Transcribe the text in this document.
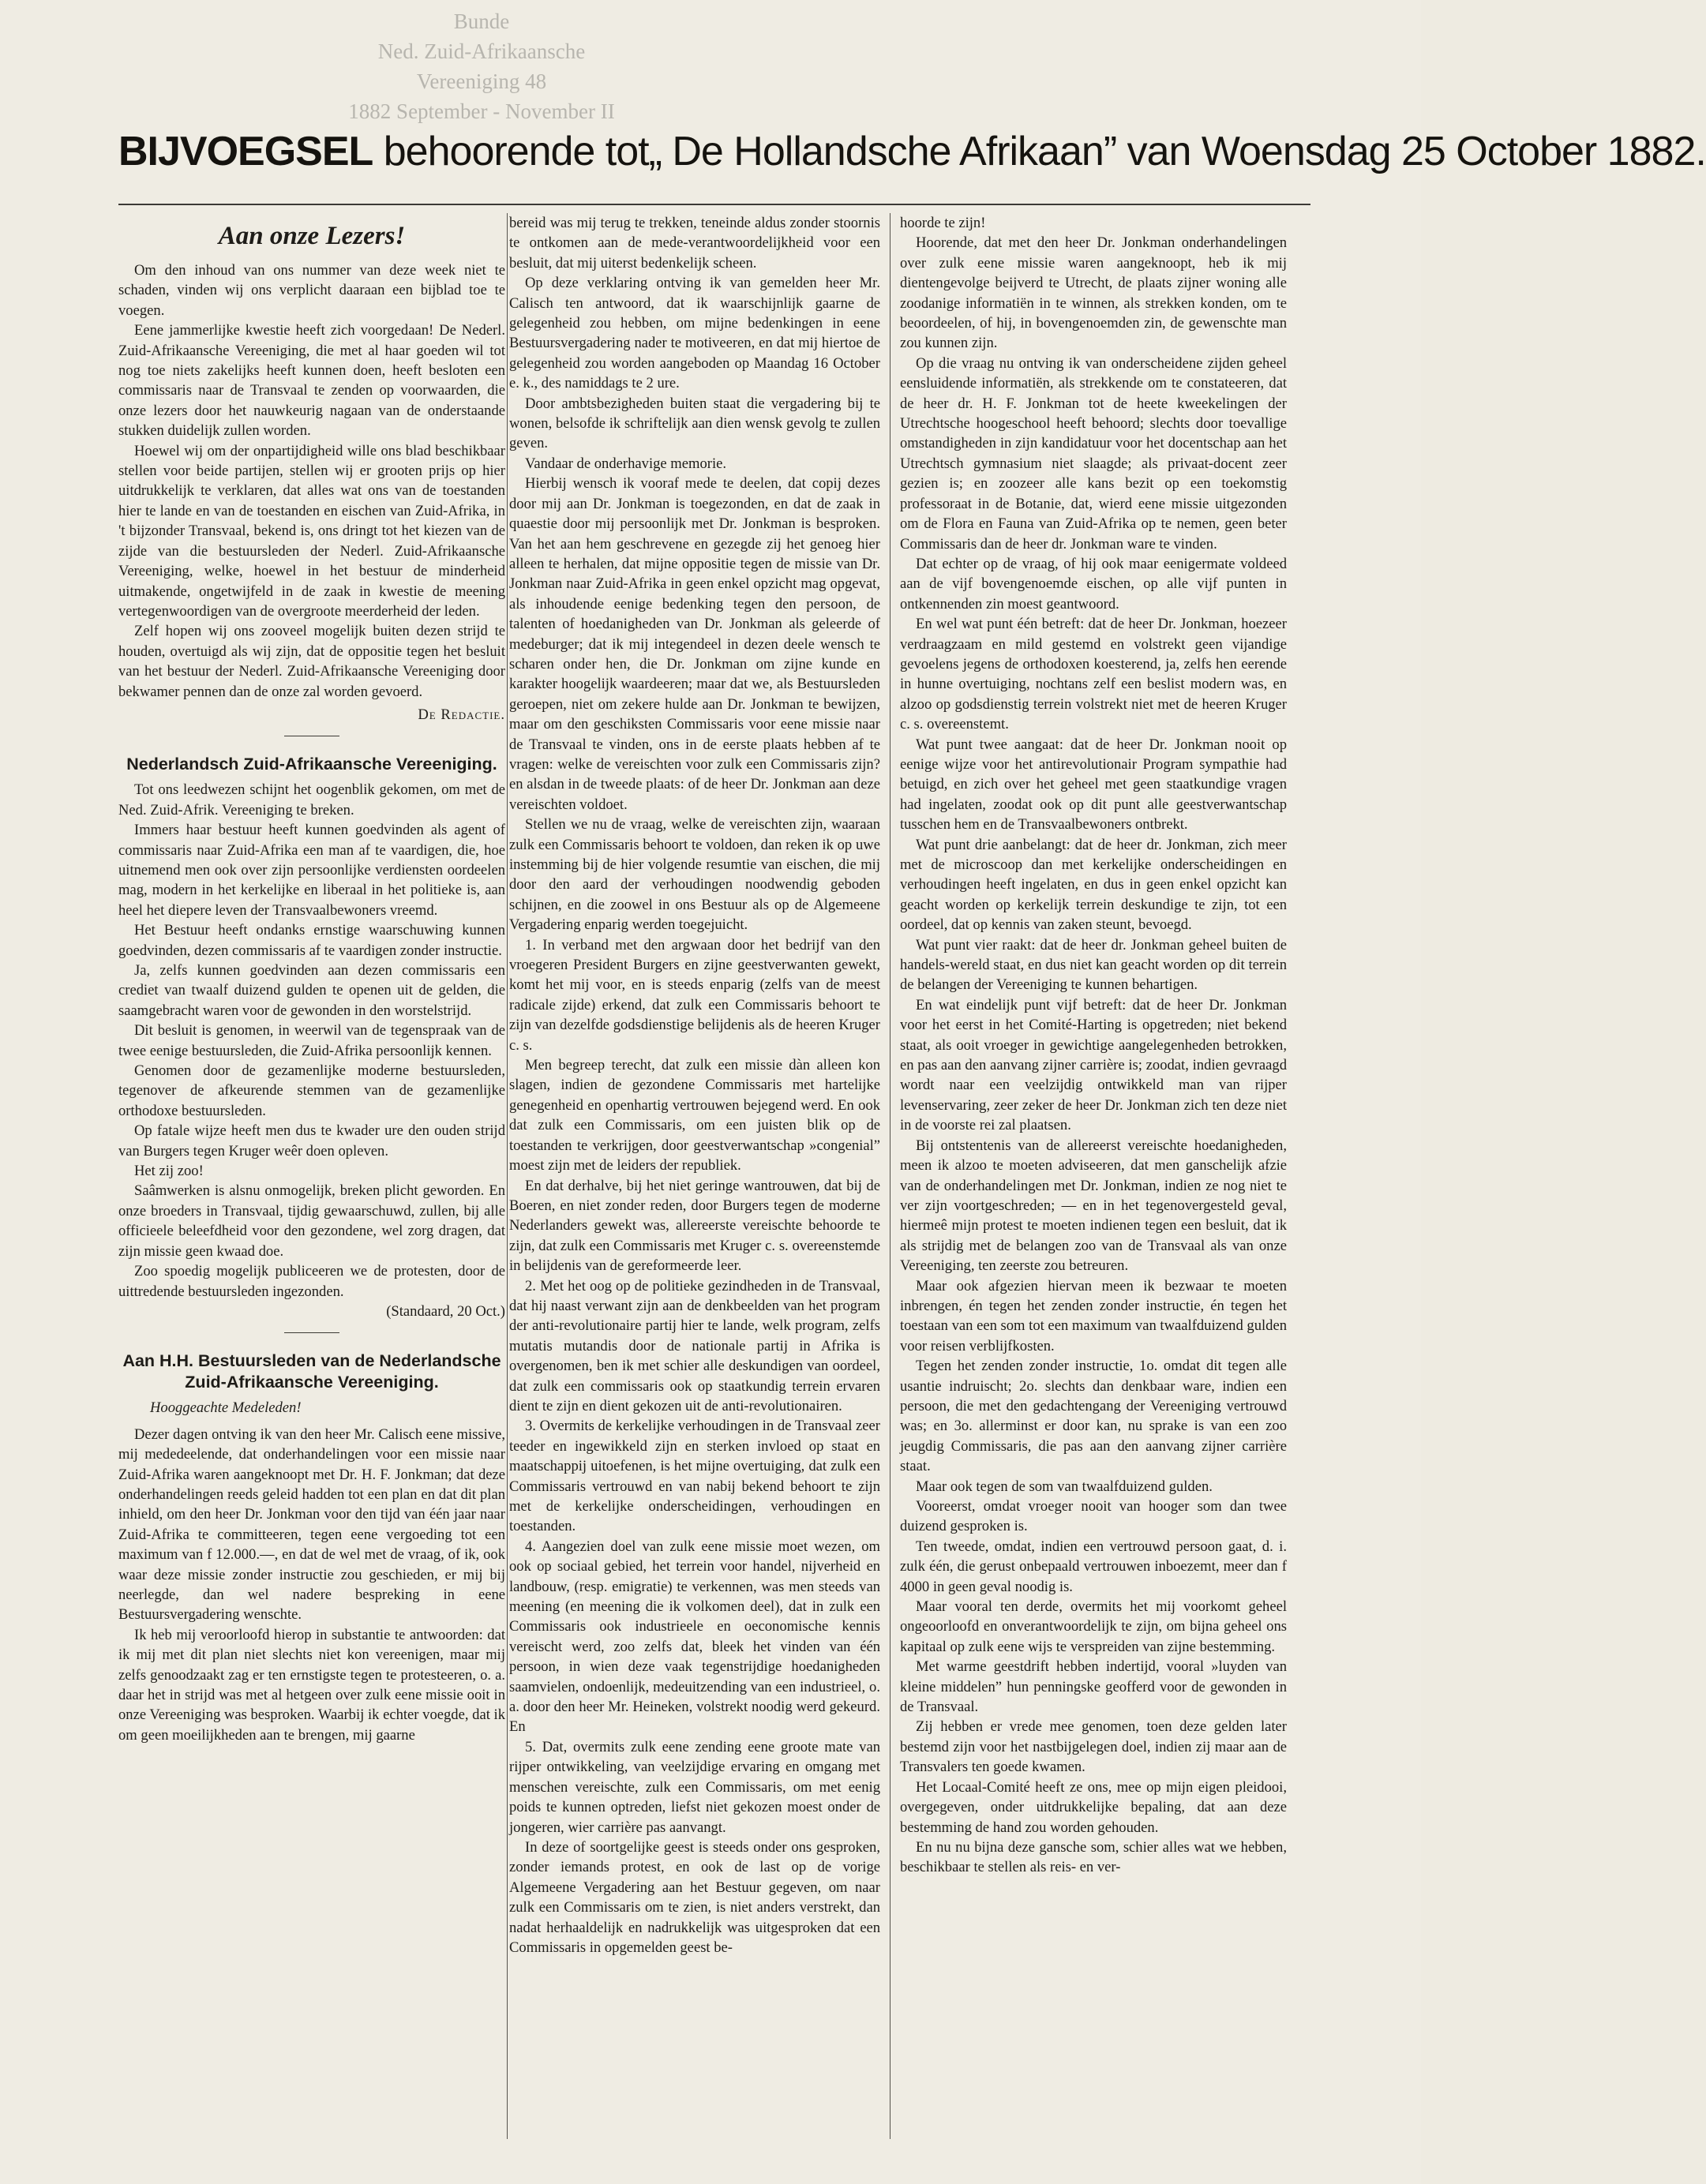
Bunde
Ned. Zuid-Afrikaansche
Vereeniging 48
1882 September - November II
BIJVOEGSEL behoorende tot„ De Hollandsche Afrikaan” van Woensdag 25 October 1882.
Aan onze Lezers!

Om den inhoud van ons nummer van deze week niet te schaden, vinden wij ons verplicht daaraan een bijblad toe te voegen.

Eene jammerlijke kwestie heeft zich voorgedaan! De Nederl. Zuid-Afrikaansche Vereeniging, die met al haar goeden wil tot nog toe niets zakelijks heeft kunnen doen, heeft besloten een commissaris naar de Transvaal te zenden op voorwaarden, die onze lezers door het nauwkeurig nagaan van de onderstaande stukken duidelijk zullen worden.

Hoewel wij om der onpartijdigheid wille ons blad beschikbaar stellen voor beide partijen, stellen wij er grooten prijs op hier uitdrukkelijk te verklaren, dat alles wat ons van de toestanden hier te lande en van de toestanden en eischen van Zuid-Afrika, in 't bijzonder Transvaal, bekend is, ons dringt tot het kiezen van de zijde van die bestuursleden der Nederl. Zuid-Afrikaansche Vereeniging, welke, hoewel in het bestuur de minderheid uitmakende, ongetwijfeld in de zaak in kwestie de meening vertegenwoordigen van de overgroote meerderheid der leden.

Zelf hopen wij ons zooveel mogelijk buiten dezen strijd te houden, overtuigd als wij zijn, dat de oppositie tegen het besluit van het bestuur der Nederl. Zuid-Afrikaansche Vereeniging door bekwamer pennen dan de onze zal worden gevoerd.

De Redactie.
Nederlandsch Zuid-Afrikaansche Vereeniging.

Tot ons leedwezen schijnt het oogenblik gekomen, om met de Ned. Zuid-Afrik. Vereeniging te breken.

Immers haar bestuur heeft kunnen goedvinden als agent of commissaris naar Zuid-Afrika een man af te vaardigen, die, hoe uitnemend men ook over zijn persoonlijke verdiensten oordeelen mag, modern in het kerkelijke en liberaal in het politieke is, aan heel het diepere leven der Transvaalbewoners vreemd.

Het Bestuur heeft ondanks ernstige waarschuwing kunnen goedvinden, dezen commissaris af te vaardigen zonder instructie.

Ja, zelfs kunnen goedvinden aan dezen commissaris een crediet van twaalf duizend gulden te openen uit de gelden, die saamgebracht waren voor de gewonden in den worstelstrijd.

Dit besluit is genomen, in weerwil van de tegenspraak van de twee eenige bestuursleden, die Zuid-Afrika persoonlijk kennen.

Genomen door de gezamenlijke moderne bestuursleden, tegenover de afkeurende stemmen van de gezamenlijke orthodoxe bestuursleden.

Op fatale wijze heeft men dus te kwader ure den ouden strijd van Burgers tegen Kruger weêr doen opleven.

Het zij zoo!

Saâmwerken is alsnu onmogelijk, breken plicht geworden. En onze broeders in Transvaal, tijdig gewaarschuwd, zullen, bij alle officieele beleefdheid voor den gezondene, wel zorg dragen, dat zijn missie geen kwaad doe.

Zoo spoedig mogelijk publiceeren we de protesten, door de uittredende bestuursleden ingezonden.

(Standaard, 20 Oct.)
Aan H.H. Bestuursleden van de Nederlandsche Zuid-Afrikaansche Vereeniging.
Hooggeachte Medeleden!

Dezer dagen ontving ik van den heer Mr. Calisch eene missive, mij mededeelende, dat onderhandelingen voor een missie naar Zuid-Afrika waren aangeknoopt met Dr. H. F. Jonkman; dat deze onderhandelingen reeds geleid hadden tot een plan en dat dit plan inhield, om den heer Dr. Jonkman voor den tijd van één jaar naar Zuid-Afrika te committeeren, tegen eene vergoeding tot een maximum van f 12.000.—, en dat de wel met de vraag, of ik, ook waar deze missie zonder instructie zou geschieden, er mij bij neerlegde, dan wel nadere bespreking in eene Bestuursvergadering wenschte.

Ik heb mij veroorloofd hierop in substantie te antwoorden: dat ik mij met dit plan niet slechts niet kon vereenigen, maar mij zelfs genoodzaakt zag er ten ernstigste tegen te protesteeren, o. a. daar het in strijd was met al hetgeen over zulk eene missie ooit in onze Vereeniging was besproken. Waarbij ik echter voegde, dat ik om geen moeilijkheden aan te brengen, mij gaarne

bereid was mij terug te trekken, teneinde aldus zonder stoornis te ontkomen aan de mede-verantwoordelijkheid voor een besluit, dat mij uiterst bedenkelijk scheen.

Op deze verklaring ontving ik van gemelden heer Mr. Calisch ten antwoord, dat ik waarschijnlijk gaarne de gelegenheid zou hebben, om mijne bedenkingen in eene Bestuursvergadering nader te motiveeren, en dat mij hiertoe de gelegenheid zou worden aangeboden op Maandag 16 October e. k., des namiddags te 2 ure.

Door ambtsbezigheden buiten staat die vergadering bij te wonen, belsofde ik schriftelijk aan dien wensk gevolg te zullen geven.

Vandaar de onderhavige memorie.

Hierbij wensch ik vooraf mede te deelen, dat copij dezes door mij aan Dr. Jonkman is toegezonden, en dat de zaak in quaestie door mij persoonlijk met Dr. Jonkman is besproken. Van het aan hem geschrevene en gezegde zij het genoeg hier alleen te herhalen, dat mijne oppositie tegen de missie van Dr. Jonkman naar Zuid-Afrika in geen enkel opzicht mag opgevat, als inhoudende eenige bedenking tegen den persoon, de talenten of hoedanigheden van Dr. Jonkman als geleerde of medeburger; dat ik mij integendeel in dezen deele wensch te scharen onder hen, die Dr. Jonkman om zijne kunde en karakter hoogelijk waardeeren; maar dat we, als Bestuursleden geroepen, niet om zekere hulde aan Dr. Jonkman te bewijzen, maar om den geschiksten Commissaris voor eene missie naar de Transvaal te vinden, ons in de eerste plaats hebben af te vragen: welke de vereischten voor zulk een Commissaris zijn? en alsdan in de tweede plaats: of de heer Dr. Jonkman aan deze vereischten voldoet.

Stellen we nu de vraag, welke de vereischten zijn, waaraan zulk een Commissaris behoort te voldoen, dan reken ik op uwe instemming bij de hier volgende resumtie van eischen, die mij door den aard der verhoudingen noodwendig geboden schijnen, en die zoowel in ons Bestuur als op de Algemeene Vergadering enparig werden toegejuicht.

1. In verband met den argwaan door het bedrijf van den vroegeren President Burgers en zijne geestverwanten gewekt, komt het mij voor, en is steeds enparig (zelfs van de meest radicale zijde) erkend, dat zulk een Commissaris behoort te zijn van dezelfde godsdienstige belijdenis als de heeren Kruger c. s.

Men begreep terecht, dat zulk een missie dàn alleen kon slagen, indien de gezondene Commissaris met hartelijke genegenheid en openhartig vertrouwen bejegend werd. En ook dat zulk een Commissaris, om een juisten blik op de toestanden te verkrijgen, door geestverwantschap »congenial” moest zijn met de leiders der republiek.

En dat derhalve, bij het niet geringe wantrouwen, dat bij de Boeren, en niet zonder reden, door Burgers tegen de moderne Nederlanders gewekt was, allereerste vereischte behoorde te zijn, dat zulk een Commissaris met Kruger c. s. overeenstemde in belijdenis van de gereformeerde leer.

2. Met het oog op de politieke gezindheden in de Transvaal, dat hij naast verwant zijn aan de denkbeelden van het program der anti-revolutionaire partij hier te lande, welk program, zelfs mutatis mutandis door de nationale partij in Afrika is overgenomen, ben ik met schier alle deskundigen van oordeel, dat zulk een commissaris ook op staatkundig terrein ervaren dient te zijn en dient gekozen uit de anti-revolutionairen.

3. Overmits de kerkelijke verhoudingen in de Transvaal zeer teeder en ingewikkeld zijn en sterken invloed op staat en maatschappij uitoefenen, is het mijne overtuiging, dat zulk een Commissaris vertrouwd en van nabij bekend behoort te zijn met de kerkelijke onderscheidingen, verhoudingen en toestanden.

4. Aangezien doel van zulk eene missie moet wezen, om ook op sociaal gebied, het terrein voor handel, nijverheid en landbouw, (resp. emigratie) te verkennen, was men steeds van meening (en meening die ik volkomen deel), dat in zulk een Commissaris ook industrieele en oeconomische kennis vereischt werd, zoo zelfs dat, bleek het vinden van één persoon, in wien deze vaak tegenstrijdige hoedanigheden saamvielen, ondoenlijk, medeuitzending van een industrieel, o. a. door den heer Mr. Heineken, volstrekt noodig werd gekeurd. En

5. Dat, overmits zulk eene zending eene groote mate van rijper ontwikkeling, van veelzijdige ervaring en omgang met menschen vereischte, zulk een Commissaris, om met eenig poids te kunnen optreden, liefst niet gekozen moest onder de jongeren, wier carrière pas aanvangt.

In deze of soortgelijke geest is steeds onder ons gesproken, zonder iemands protest, en ook de last op de vorige Algemeene Vergadering aan het Bestuur gegeven, om naar zulk een Commissaris om te zien, is niet anders verstrekt, dan nadat herhaaldelijk en nadrukkelijk was uitgesproken dat een Commissaris in opgemelden geest be-

hoorde te zijn!

Hoorende, dat met den heer Dr. Jonkman onderhandelingen over zulk eene missie waren aangeknoopt, heb ik mij dientengevolge beijverd te Utrecht, de plaats zijner woning alle zoodanige informatiën in te winnen, als strekken konden, om te beoordeelen, of hij, in bovengenoemden zin, de gewenschte man zou kunnen zijn.

Op die vraag nu ontving ik van onderscheidene zijden geheel eensluidende informatiën, als strekkende om te constateeren, dat de heer dr. H. F. Jonkman tot de heete kweekelingen der Utrechtsche hoogeschool heeft behoord; slechts door toevallige omstandigheden in zijn kandidatuur voor het docentschap aan het Utrechtsch gymnasium niet slaagde; als privaat-docent zeer gezien is; en zoozeer alle kans bezit op een toekomstig professoraat in de Botanie, dat, wierd eene missie uitgezonden om de Flora en Fauna van Zuid-Afrika op te nemen, geen beter Commissaris dan de heer dr. Jonkman ware te vinden.

Dat echter op de vraag, of hij ook maar eenigermate voldeed aan de vijf bovengenoemde eischen, op alle vijf punten in ontkennenden zin moest geantwoord.

En wel wat punt één betreft: dat de heer Dr. Jonkman, hoezeer verdraagzaam en mild gestemd en volstrekt geen vijandige gevoelens jegens de orthodoxen koesterend, ja, zelfs hen eerende in hunne overtuiging, nochtans zelf een beslist modern was, en alzoo op godsdienstig terrein volstrekt niet met de heeren Kruger c. s. overeenstemt.

Wat punt twee aangaat: dat de heer Dr. Jonkman nooit op eenige wijze voor het antirevolutionair Program sympathie had betuigd, en zich over het geheel met geen staatkundige vragen had ingelaten, zoodat ook op dit punt alle geestverwantschap tusschen hem en de Transvaalbewoners ontbrekt.

Wat punt drie aanbelangt: dat de heer dr. Jonkman, zich meer met de microscoop dan met kerkelijke onderscheidingen en verhoudingen heeft ingelaten, en dus in geen enkel opzicht kan geacht worden op kerkelijk terrein deskundige te zijn, tot een oordeel, dat op kennis van zaken steunt, bevoegd.

Wat punt vier raakt: dat de heer dr. Jonkman geheel buiten de handels-wereld staat, en dus niet kan geacht worden op dit terrein de belangen der Vereeniging te kunnen behartigen.

En wat eindelijk punt vijf betreft: dat de heer Dr. Jonkman voor het eerst in het Comité-Harting is opgetreden; niet bekend staat, als ooit vroeger in gewichtige aangelegenheden betrokken, en pas aan den aanvang zijner carrière is; zoodat, indien gevraagd wordt naar een veelzijdig ontwikkeld man van rijper levenservaring, zeer zeker de heer Dr. Jonkman zich ten deze niet in de voorste rei zal plaatsen.

Bij ontstentenis van de allereerst vereischte hoedanigheden, meen ik alzoo te moeten adviseeren, dat men ganschelijk afzie van de onderhandelingen met Dr. Jonkman, indien ze nog niet te ver zijn voortgeschreden; — en in het tegenovergesteld geval, hiermeê mijn protest te moeten indienen tegen een besluit, dat ik als strijdig met de belangen zoo van de Transvaal als van onze Vereeniging, ten zeerste zou betreuren.

Maar ook afgezien hiervan meen ik bezwaar te moeten inbrengen, én tegen het zenden zonder instructie, én tegen het toestaan van een som tot een maximum van twaalfduizend gulden voor reisen verblijfkosten.

Tegen het zenden zonder instructie, 1o. omdat dit tegen alle usantie indruischt; 2o. slechts dan denkbaar ware, indien een persoon, die met den gedachtengang der Vereeniging vertrouwd was; en 3o. allerminst er door kan, nu sprake is van een zoo jeugdig Commissaris, die pas aan den aanvang zijner carrière staat.

Maar ook tegen de som van twaalfduizend gulden.

Vooreerst, omdat vroeger nooit van hooger som dan twee duizend gesproken is.

Ten tweede, omdat, indien een vertrouwd persoon gaat, d. i. zulk één, die gerust onbepaald vertrouwen inboezemt, meer dan f 4000 in geen geval noodig is.

Maar vooral ten derde, overmits het mij voorkomt geheel ongeoorloofd en onverantwoordelijk te zijn, om bijna geheel ons kapitaal op zulk eene wijs te verspreiden van zijne bestemming.

Met warme geestdrift hebben indertijd, vooral »luyden van kleine middelen” hun penningske geofferd voor de gewonden in de Transvaal.

Zij hebben er vrede mee genomen, toen deze gelden later bestemd zijn voor het nastbijgelegen doel, indien zij maar aan de Transvalers ten goede kwamen.

Het Locaal-Comité heeft ze ons, mee op mijn eigen pleidooi, overgegeven, onder uitdrukkelijke bepaling, dat aan deze bestemming de hand zou worden gehouden.

En nu nu bijna deze gansche som, schier alles wat we hebben, beschikbaar te stellen als reis- en ver-
